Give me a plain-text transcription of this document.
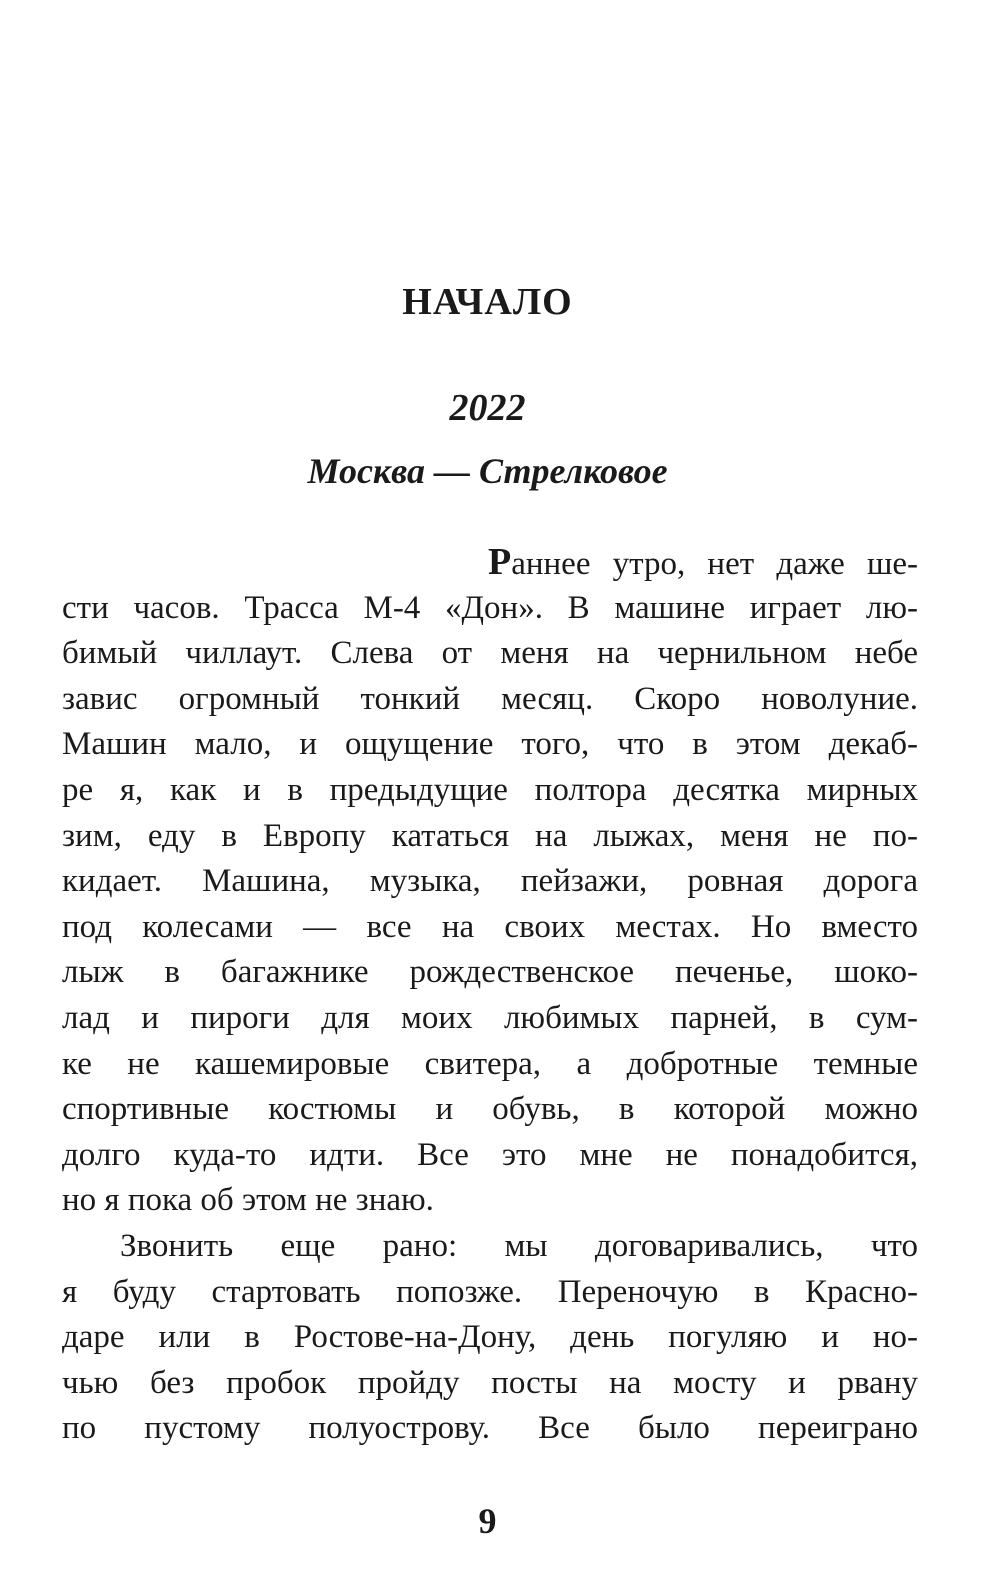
НАЧАЛО
2022
Москва — Стрелковое
Раннее утро, нет даже ше-
сти часов. Трасса М-4 «Дон». В машине играет лю-
бимый чиллаут. Слева от меня на чернильном небе
завис огромный тонкий месяц. Скоро новолуние.
Машин мало, и ощущение того, что в этом декаб-
ре я, как и в предыдущие полтора десятка мирных
зим, еду в Европу кататься на лыжах, меня не по-
кидает. Машина, музыка, пейзажи, ровная дорога
под колесами — все на своих местах. Но вместо
лыж в багажнике рождественское печенье, шоко-
лад и пироги для моих любимых парней, в сум-
ке не кашемировые свитера, а добротные темные
спортивные костюмы и обувь, в которой можно
долго куда-то идти. Все это мне не понадобится,
но я пока об этом не знаю.
Звонить еще рано: мы договаривались, что
я буду стартовать попозже. Переночую в Красно-
даре или в Ростове-на-Дону, день погуляю и но-
чью без пробок пройду посты на мосту и рвану
по пустому полуострову. Все было переиграно
9
